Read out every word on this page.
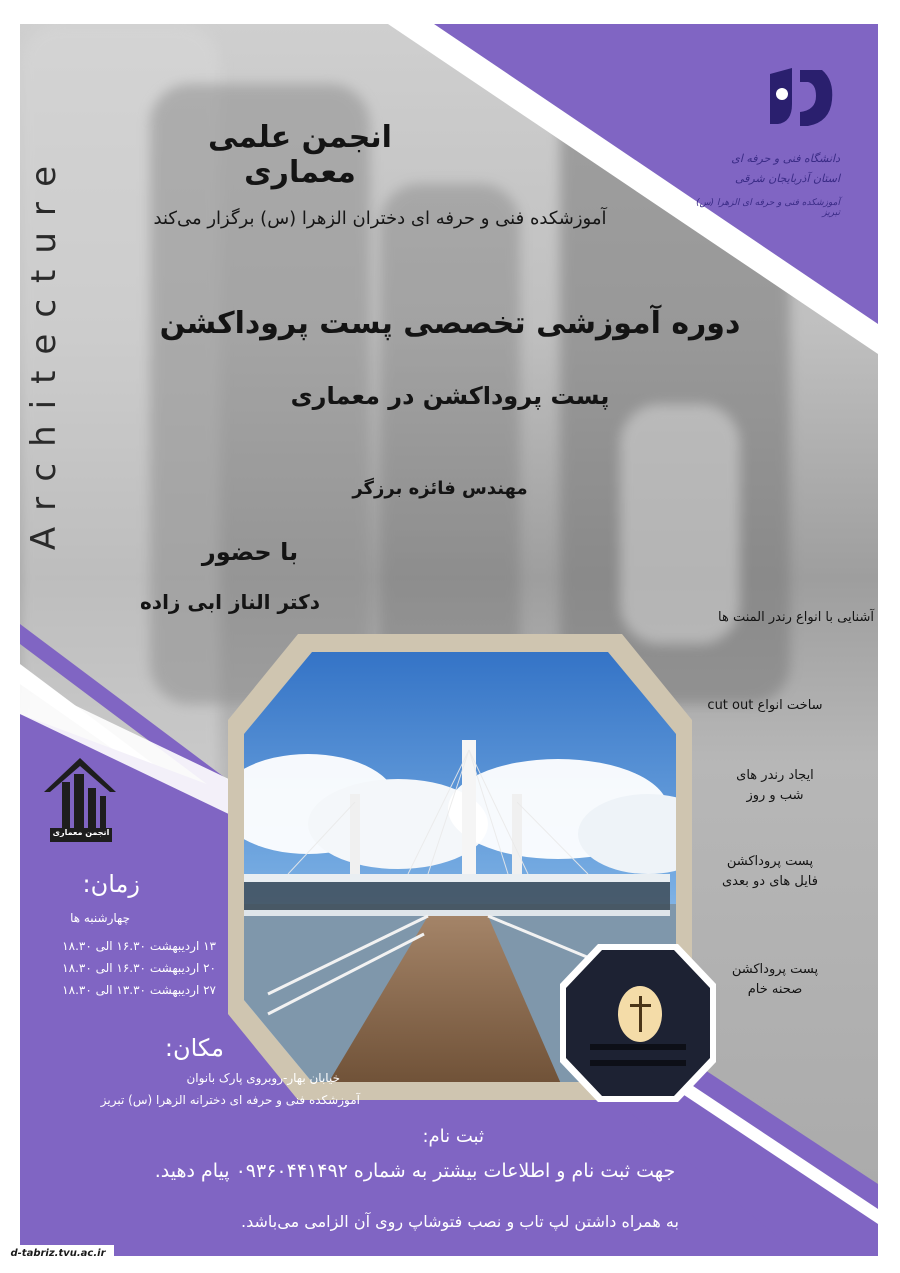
دانشگاه فنی و حرفه ای
استان آذربایجان شرقی
آموزشکده فنی و حرفه ای الزهرا (س) تبریز
Architecture
انجمن علمی معماری
آموزشکده فنی و حرفه ای دختران الزهرا (س) برگزار می‌کند
دوره آموزشی تخصصی پست پروداکشن
پست پروداکشن در معماری
مهندس فائزه برزگر
با حضور
دکتر الناز ابی زاده
آشنایی با انواع رندر المنت ها
ساخت انواع cut out
ایجاد رندر های
شب و روز
پست پروداکشن
فایل های دو بعدی
پست پروداکشن
صحنه خام
انجمن معماری
زمان:
چهارشنبه ها
۱۳ اردیبهشت ۱۶.۳۰ الی ۱۸.۳۰
۲۰ اردیبهشت ۱۶.۳۰ الی ۱۸.۳۰
۲۷ اردیبهشت ۱۳.۳۰ الی ۱۸.۳۰
مکان:
خیابان بهار-روبروی پارک بانوان
آموزشکده فنی و حرفه ای دخترانه الزهرا (س) تبریز
ثبت نام:
جهت ثبت نام و اطلاعات بیشتر به شماره ۰۹۳۶۰۴۴۱۴۹۲ پیام دهید.
به همراه داشتن لپ تاب و نصب فتوشاپ روی آن الزامی می‌باشد.
d-tabriz.tvu.ac.ir
